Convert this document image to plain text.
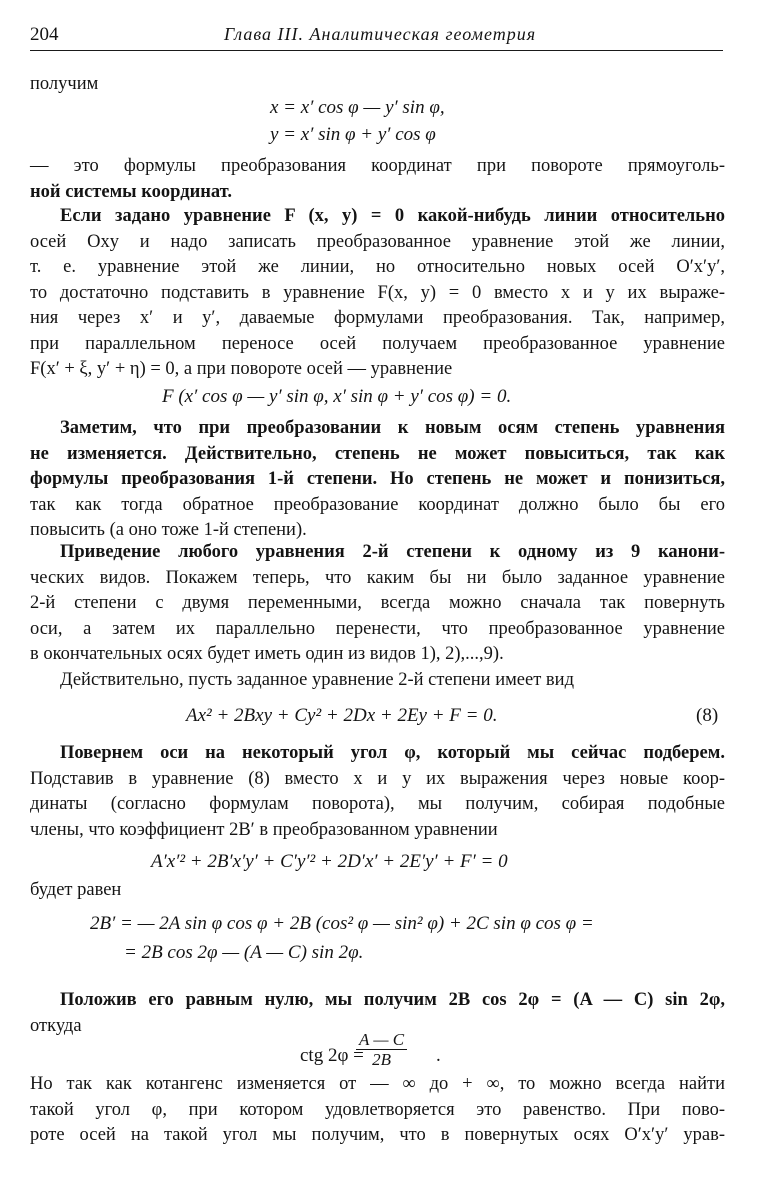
204	Глава III. Аналитическая геометрия
получим
x = x′ cos φ — y′ sin φ,
y = x′ sin φ + y′ cos φ
— это формулы преобразования координат при повороте прямоуголь-
ной системы координат.
Если задано уравнение F (x, y) = 0 какой-нибудь линии относительно
осей Oxy и надо записать преобразованное уравнение этой же линии,
т. е. уравнение этой же линии, но относительно новых осей O′x′y′,
то достаточно подставить в уравнение F(x, y) = 0 вместо x и y их выраже-
ния через x′ и y′, даваемые формулами преобразования. Так, например,
при параллельном переносе осей получаем преобразованное уравнение
F(x′ + ξ, y′ + η) = 0, а при повороте осей — уравнение
F (x′ cos φ — y′ sin φ, x′ sin φ + y′ cos φ) = 0.
Заметим, что при преобразовании к новым осям степень уравнения
не изменяется. Действительно, степень не может повыситься, так как
формулы преобразования 1-й степени. Но степень не может и понизиться,
так как тогда обратное преобразование координат должно было бы его
повысить (а оно тоже 1-й степени).
Приведение любого уравнения 2-й степени к одному из 9 канони-
ческих видов. Покажем теперь, что каким бы ни было заданное уравнение
2-й степени с двумя переменными, всегда можно сначала так повернуть
оси, а затем их параллельно перенести, что преобразованное уравнение
в окончательных осях будет иметь один из видов 1), 2),...,9).
Действительно, пусть заданное уравнение 2-й степени имеет вид
Ax² + 2Bxy + Cy² + 2Dx + 2Ey + F = 0.	(8)
Повернем оси на некоторый угол φ, который мы сейчас подберем.
Подставив в уравнение (8) вместо x и y их выражения через новые коор-
динаты (согласно формулам поворота), мы получим, собирая подобные
члены, что коэффициент 2B′ в преобразованном уравнении
A′x′² + 2B′x′y′ + C′y′² + 2D′x′ + 2E′y′ + F′ = 0
будет равен
2B′ = — 2A sin φ cos φ + 2B (cos² φ — sin² φ) + 2C sin φ cos φ =
= 2B cos 2φ — (A — C) sin 2φ.
Положив его равным нулю, мы получим 2B cos 2φ = (A — C) sin 2φ,
откуда
ctg 2φ =
$\frac{A — C}{2B}$ .
Но так как котангенс изменяется от — ∞ до + ∞, то можно всегда найти
такой угол φ, при котором удовлетворяется это равенство. При пово-
роте осей на такой угол мы получим, что в повернутых осях O′x′y′ урав-
